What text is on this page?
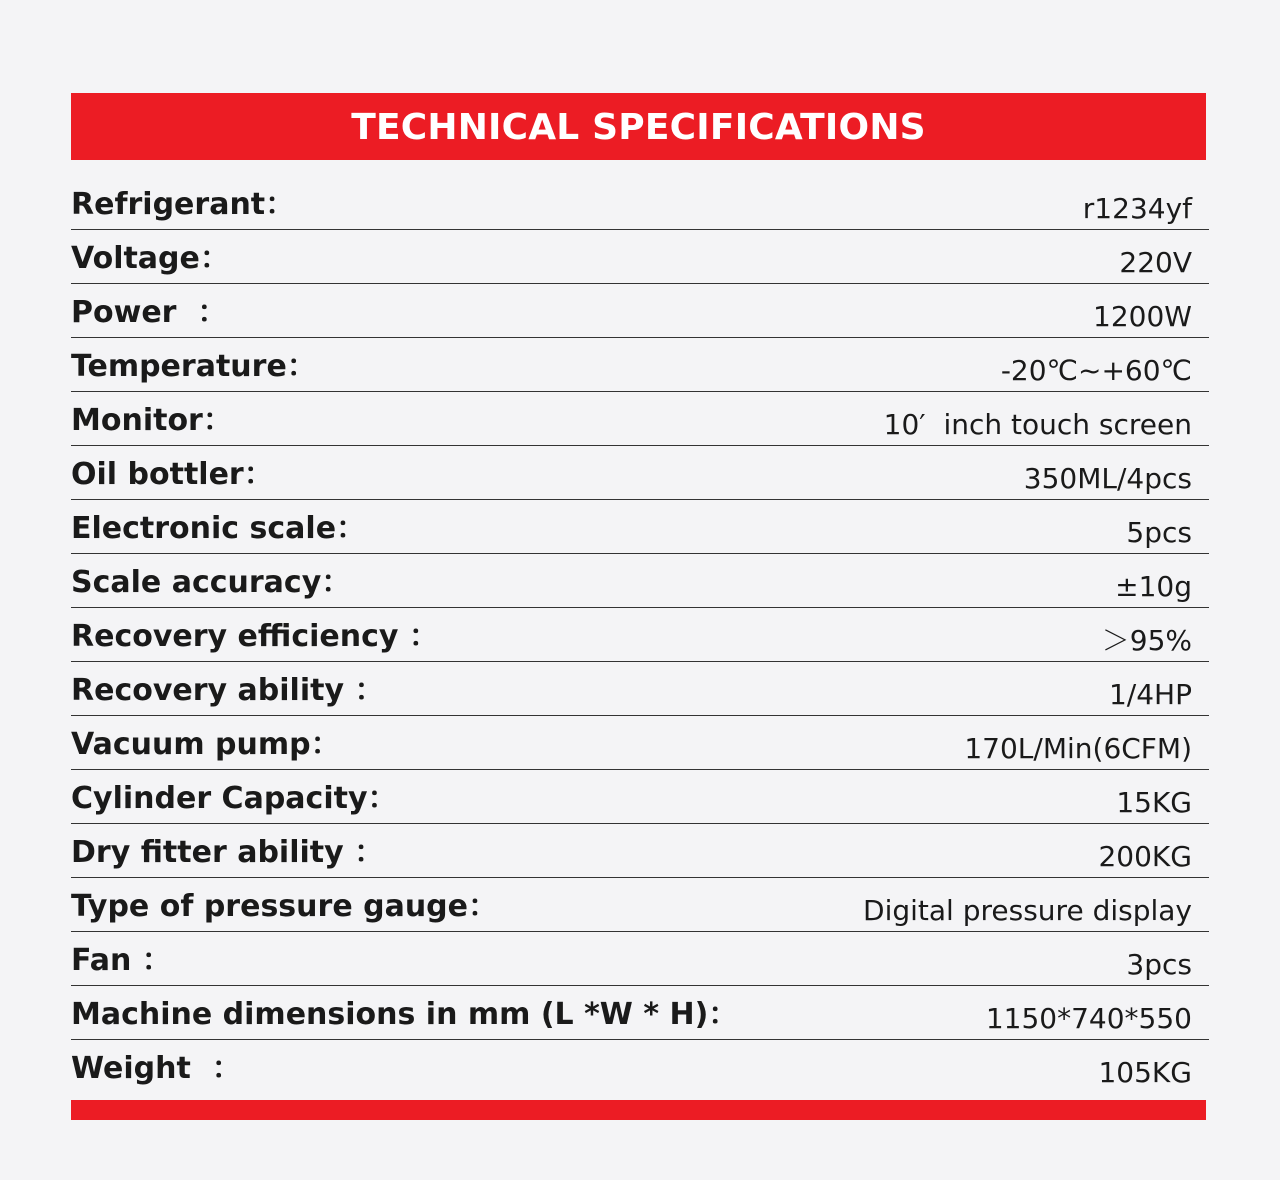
TECHNICAL SPECIFICATIONS
Refrigerant：	r1234yf
Voltage：	220V
Power  ：	1200W
Temperature：	-20℃~+60℃
Monitor：	10′  inch touch screen
Oil bottler：	350ML/4pcs
Electronic scale：	5pcs
Scale accuracy：	±10g
Recovery efficiency ：	＞95%
Recovery ability ：	1/4HP
Vacuum pump：	170L/Min(6CFM)
Cylinder Capacity：	15KG
Dry fitter ability ：	200KG
Type of pressure gauge：	Digital pressure display
Fan ：	3pcs
Machine dimensions in mm (L *W * H)：	1150*740*550
Weight  ：	105KG
